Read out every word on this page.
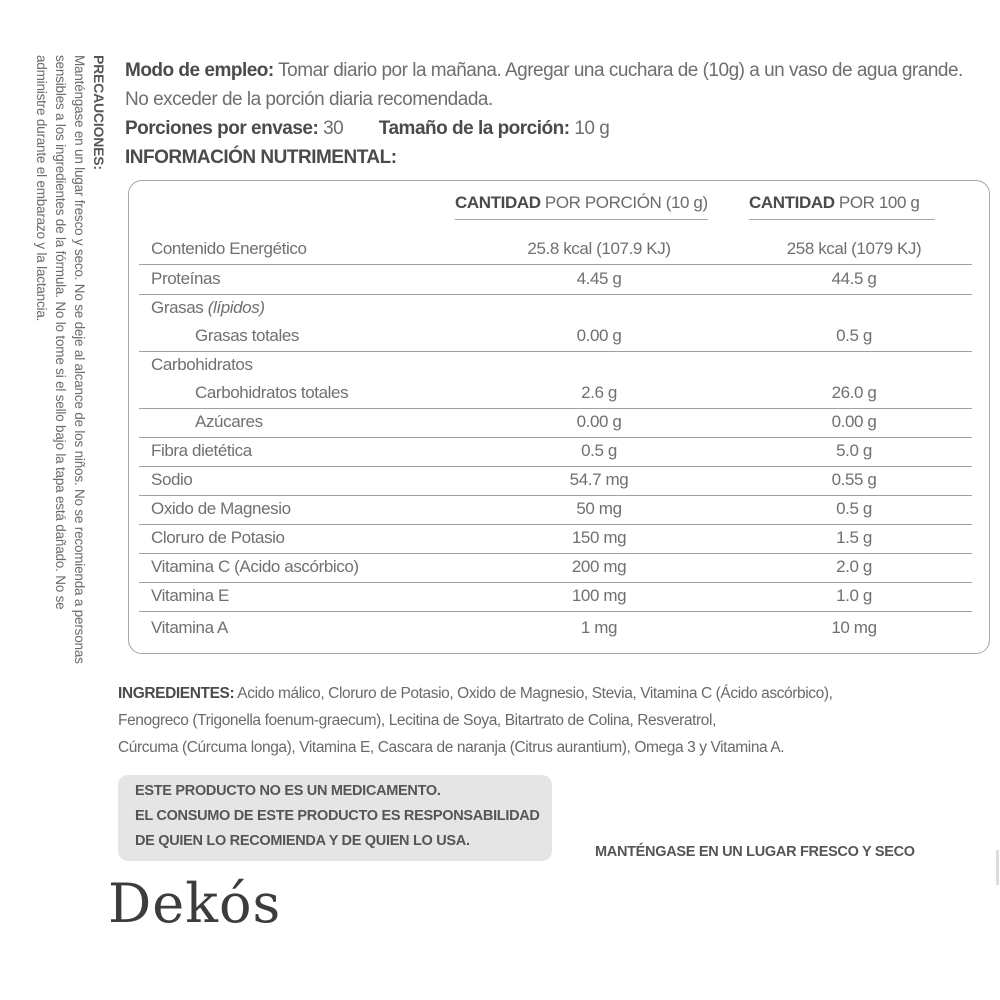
PRECAUCIONES:
Manténgase en un lugar fresco y seco. No se deje al alcance de los niños. No se recomienda a personas
sensibles a los ingredientes de la fórmula. No lo tome si el sello bajo la tapa está dañado. No se
administre durante el embarazo y la lactancia.	Modo de empleo: Tomar diario por la mañana. Agregar una cuchara de (10g) a un vaso de agua grande.
No exceder de la porción diaria recomendada.
Porciones por envase: 30 Tamaño de la porción: 10 g
INFORMACIÓN NUTRIMENTAL:
CANTIDAD POR PORCIÓN (10 g) CANTIDAD POR 100 g
Contenido Energético	25.8 kcal (107.9 KJ)	258 kcal (1079 KJ)
Proteínas	4.45 g	44.5 g
Grasas (lípidos)
Grasas totales	0.00 g	0.5 g
Carbohidratos
Carbohidratos totales	2.6 g	26.0 g
Azúcares	0.00 g	0.00 g
Fibra dietética	0.5 g	5.0 g
Sodio	54.7 mg	0.55 g
Oxido de Magnesio	50 mg	0.5 g
Cloruro de Potasio	150 mg	1.5 g
Vitamina C (Acido ascórbico)	200 mg	2.0 g
Vitamina E	100 mg	1.0 g
Vitamina A	1 mg	10 mg
INGREDIENTES: Acido málico, Cloruro de Potasio, Oxido de Magnesio, Stevia, Vitamina C (Ácido ascórbico),
Fenogreco (Trigonella foenum-graecum), Lecitina de Soya, Bitartrato de Colina, Resveratrol,
Cúrcuma (Cúrcuma longa), Vitamina E, Cascara de naranja (Citrus aurantium), Omega 3 y Vitamina A.
ESTE PRODUCTO NO ES UN MEDICAMENTO.
EL CONSUMO DE ESTE PRODUCTO ES RESPONSABILIDAD
DE QUIEN LO RECOMIENDA Y DE QUIEN LO USA.
MANTÉNGASE EN UN LUGAR FRESCO Y SECO
Dekós
